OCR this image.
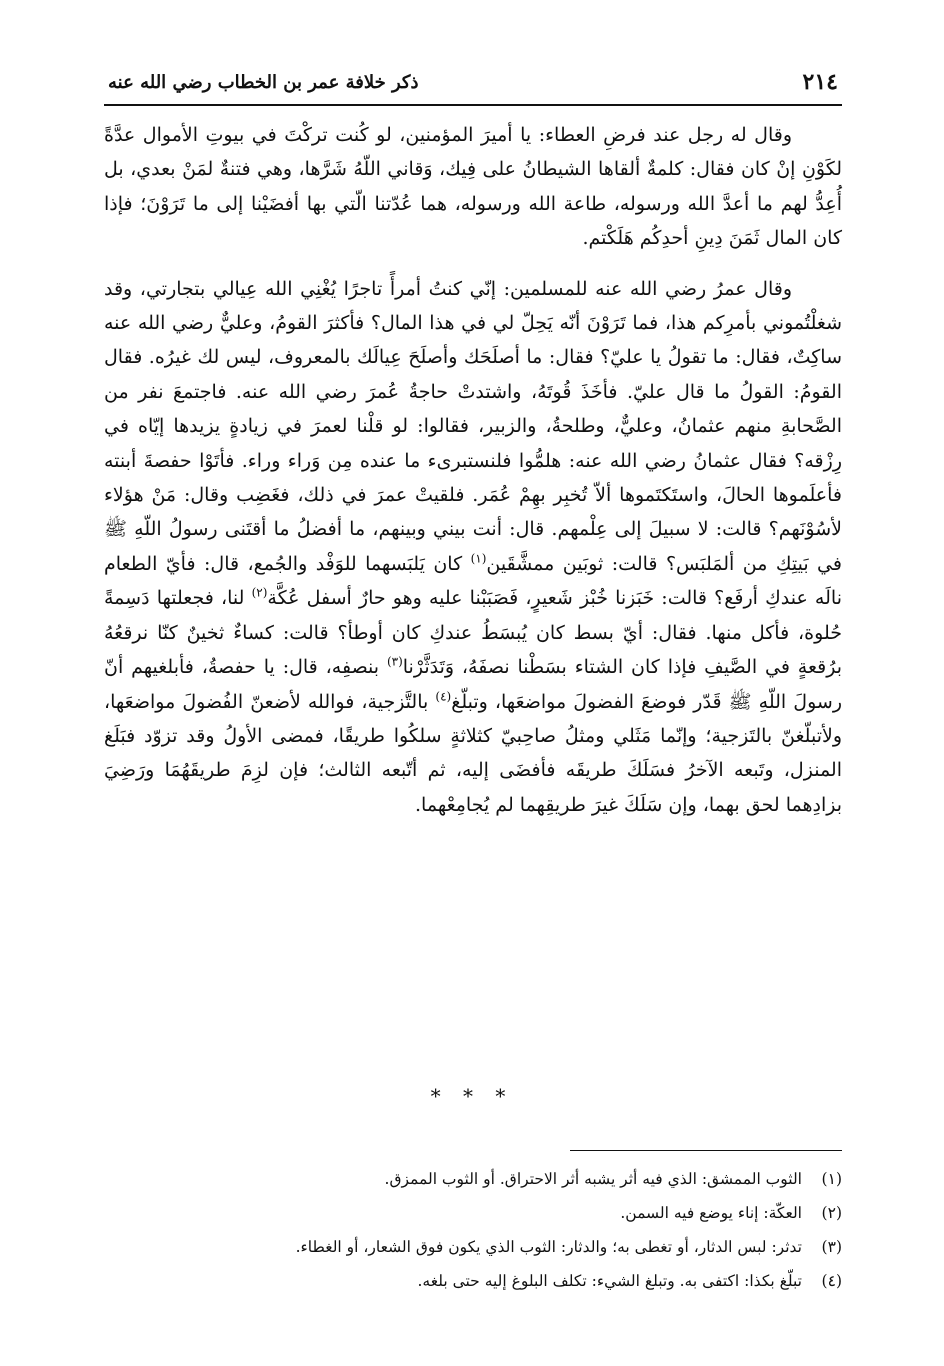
٢١٤
ذكر خلافة عمر بن الخطاب رضي الله عنه

وقال له رجل عند فرضِ العطاء: يا أميرَ المؤمنين، لو كُنت تركْتَ في بيوتِ الأموال عدَّةً لكَوْنِ إنْ كان فقال: كلمةٌ ألقاها الشيطانُ على فِيك، وَقاني اللّهُ شَرَّها، وهي فتنةٌ لمَنْ بعدي، بل أُعِدُّ لهم ما أعدَّ الله ورسوله، طاعة الله ورسوله، هما عُدّتنا الّتي بها أفضَيْنا إلى ما تَرَوْنَ؛ فإذا كان المال ثَمَنَ دِينِ أحدِكُم هَلَكْتم.

وقال عمرُ رضي الله عنه للمسلمين: إنّي كنتُ أمرأً تاجرًا يُغْنِي الله عِيالي بتجارتي، وقد شغلْتُموني بأمرِكم هذا، فما تَرَوْنَ أنّه يَحِلّ لي في هذا المال؟ فأكثرَ القومُ، وعليٌّ رضي الله عنه ساكِتٌ، فقال: ما تقولُ يا عليّ؟ فقال: ما أصلَحَك وأصلَحَ عِيالَك بالمعروف، ليس لك غيرُه. فقال القومُ: القولُ ما قال عليّ. فأخَذَ قُوتَهُ، واشتدتْ حاجةُ عُمرَ رضي الله عنه. فاجتمعَ نفر من الصَّحابةِ منهم عثمانُ، وعليٌّ، وطلحةُ، والزبير، فقالوا: لو قلْنا لعمرَ في زيادةٍ يزيدها إيّاه في رِزْقه؟ فقال عثمانُ رضي الله عنه: هلمُّوا فلنستبرىء ما عنده مِن وَراء وراء. فأتَوْا حفصةَ أبنته فأعلَموها الحالَ، واستَكتَموها ألاّ تُخبِر بهِمْ عُمَر. فلقيتْ عمرَ في ذلك، فغَضِب وقال: مَنْ هؤلاء لأسُوْنَهم؟ قالت: لا سبيلَ إلى عِلْمهم. قال: أنت بيني وبينهم، ما أفضلُ ما أقتَنى رسولُ اللّهِ ﷺ في بَيتِكِ من ألمَلبَس؟ قالت: ثوبَين ممشَّقَين$^{(١)}$ كان يَلبَسهما للوَفْد والجُمع، قال: فأيّ الطعام نالَه عندكِ أرفَع؟ قالت: خَبَزنا خُبْز شَعيرٍ، فَصَبَبْنا عليه وهو حارٌ أسفل عُكَّة$^{(٢)}$ لنا، فجعلتها دَسِمةً حُلوة، فأكل منها. فقال: أيّ بسط كان يُبسَطُ عندكِ كان أوطأ؟ قالت: كساءٌ ثخينٌ كنّا نرقعُهُ برُقعةٍ في الصَّيفِ فإذا كان الشتاء بسَطْنا نصفَهُ، وَتَدَثَّرْنا$^{(٣)}$ بنصفِه، قال: يا حفصةُ، فأبلغيهم أنّ رسولَ اللّهِ ﷺ قَدّر فوضعَ الفضولَ مواضعَها، وتبلّغ$^{(٤)}$ بالتَّزجية، فوالله لأضعنّ الفُضولَ مواضعَها، ولأتبلّغنّ بالتَزجية؛ وإنّما مَثَلي ومثلُ صاحِبيّ كثلاثةٍ سلكُوا طريقًا، فمضى الأولُ وقد تزوّد فبَلَغ المنزل، وتَبعه الآخرُ فسَلَكَ طريقَه فأفضَى إليه، ثم أتّبعه الثالث؛ فإن لزِمَ طريقَهُمَا ورَضِيَ بزادِهما لحق بهما، وإن سَلَكَ غيرَ طريقِهما لم يُجامِعْهما.

* * *
(١)
الثوب الممشق: الذي فيه أثر يشبه أثر الاحتراق. أو الثوب الممزق.
(٢)
العكّة: إناء يوضع فيه السمن.
(٣)
تدثر: لبس الدثار، أو تغطى به؛ والدثار: الثوب الذي يكون فوق الشعار، أو الغطاء.
(٤)
تبلّغ بكذا: اكتفى به. وتبلغ الشيء: تكلف البلوغ إليه حتى بلغه.
